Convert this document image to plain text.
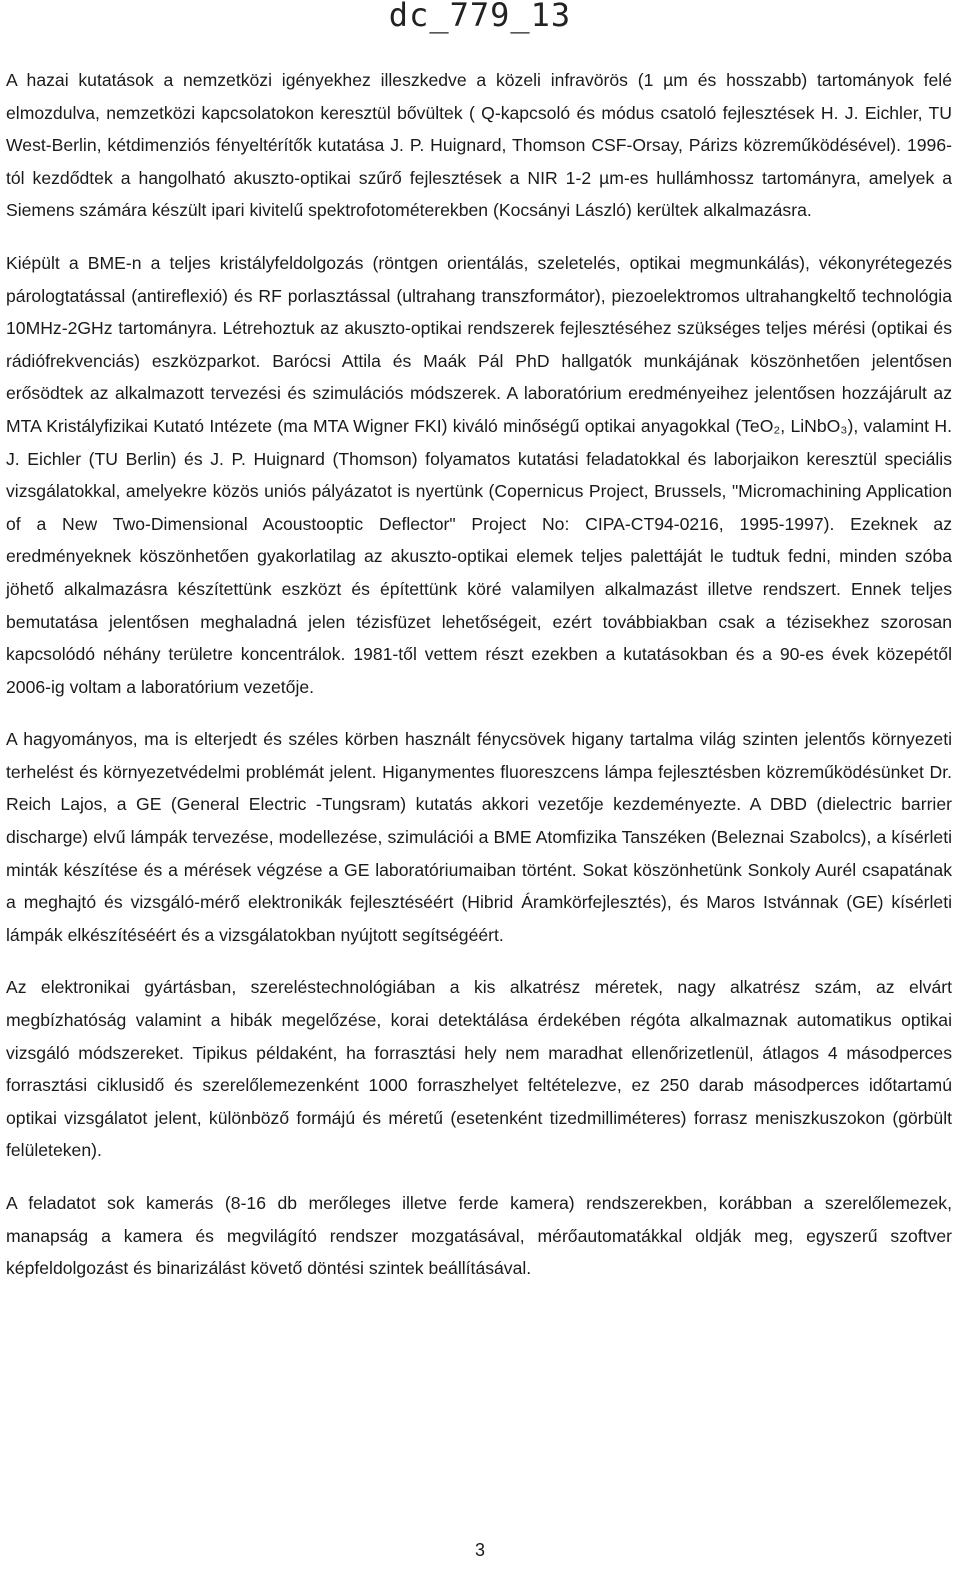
dc_779_13

A hazai kutatások a nemzetközi igényekhez illeszkedve a közeli infravörös (1 µm és hosszabb) tartományok felé elmozdulva, nemzetközi kapcsolatokon keresztül bővültek ( Q-kapcsoló és módus csatoló fejlesztések H. J. Eichler, TU West-Berlin, kétdimenziós fényeltérítők kutatása J. P. Huignard, Thomson CSF-Orsay, Párizs közreműködésével). 1996-tól kezdődtek a hangolható akuszto-optikai szűrő fejlesztések a NIR 1-2 µm-es hullámhossz tartományra, amelyek a Siemens számára készült ipari kivitelű spektrofotométerekben (Kocsányi László) kerültek alkalmazásra.

Kiépült a BME-n a teljes kristályfeldolgozás (röntgen orientálás, szeletelés, optikai megmunkálás), vékonyrétegezés párologtatással (antireflexió) és RF porlasztással (ultrahang transzformátor), piezoelektromos ultrahangkeltő technológia 10MHz-2GHz tartományra. Létrehoztuk az akuszto-optikai rendszerek fejlesztéséhez szükséges teljes mérési (optikai és rádiófrekvenciás) eszközparkot. Barócsi Attila és Maák Pál PhD hallgatók munkájának köszönhetően jelentősen erősödtek az alkalmazott tervezési és szimulációs módszerek. A laboratórium eredményeihez jelentősen hozzájárult az MTA Kristályfizikai Kutató Intézete (ma MTA Wigner FKI) kiváló minőségű optikai anyagokkal (TeO₂, LiNbO₃), valamint H. J. Eichler (TU Berlin) és J. P. Huignard (Thomson) folyamatos kutatási feladatokkal és laborjaikon keresztül speciális vizsgálatokkal, amelyekre közös uniós pályázatot is nyertünk (Copernicus Project, Brussels, "Micromachining Application of a New Two-Dimensional Acoustooptic Deflector" Project No: CIPA-CT94-0216, 1995-1997). Ezeknek az eredményeknek köszönhetően gyakorlatilag az akuszto-optikai elemek teljes palettáját le tudtuk fedni, minden szóba jöhető alkalmazásra készítettünk eszközt és építettünk köré valamilyen alkalmazást illetve rendszert. Ennek teljes bemutatása jelentősen meghaladná jelen tézisfüzet lehetőségeit, ezért továbbiakban csak a tézisekhez szorosan kapcsolódó néhány területre koncentrálok. 1981-től vettem részt ezekben a kutatásokban és a 90-es évek közepétől 2006-ig voltam a laboratórium vezetője.

A hagyományos, ma is elterjedt és széles körben használt fénycsövek higany tartalma világ szinten jelentős környezeti terhelést és környezetvédelmi problémát jelent. Higanymentes fluoreszcens lámpa fejlesztésben közreműködésünket Dr. Reich Lajos, a GE (General Electric -Tungsram) kutatás akkori vezetője kezdeményezte. A DBD (dielectric barrier discharge) elvű lámpák tervezése, modellezése, szimulációi a BME Atomfizika Tanszéken (Beleznai Szabolcs), a kísérleti minták készítése és a mérések végzése a GE laboratóriumaiban történt. Sokat köszönhetünk Sonkoly Aurél csapatának a meghajtó és vizsgáló-mérő elektronikák fejlesztéséért (Hibrid Áramkörfejlesztés), és Maros Istvánnak (GE) kísérleti lámpák elkészítéséért és a vizsgálatokban nyújtott segítségéért.

Az elektronikai gyártásban, szereléstechnológiában a kis alkatrész méretek, nagy alkatrész szám, az elvárt megbízhatóság valamint a hibák megelőzése, korai detektálása érdekében régóta alkalmaznak automatikus optikai vizsgáló módszereket. Tipikus példaként, ha forrasztási hely nem maradhat ellenőrizetlenül, átlagos 4 másodperces forrasztási ciklusidő és szerelőlemezenként 1000 forraszhelyet feltételezve, ez 250 darab másodperces időtartamú optikai vizsgálatot jelent, különböző formájú és méretű (esetenként tizedmilliméteres) forrasz meniszkuszokon (görbült felületeken).

A feladatot sok kamerás (8-16 db merőleges illetve ferde kamera) rendszerekben, korábban a szerelőlemezek, manapság a kamera és megvilágító rendszer mozgatásával, mérőautomatákkal oldják meg, egyszerű szoftver képfeldolgozást és binarizálást követő döntési szintek beállításával.

3
